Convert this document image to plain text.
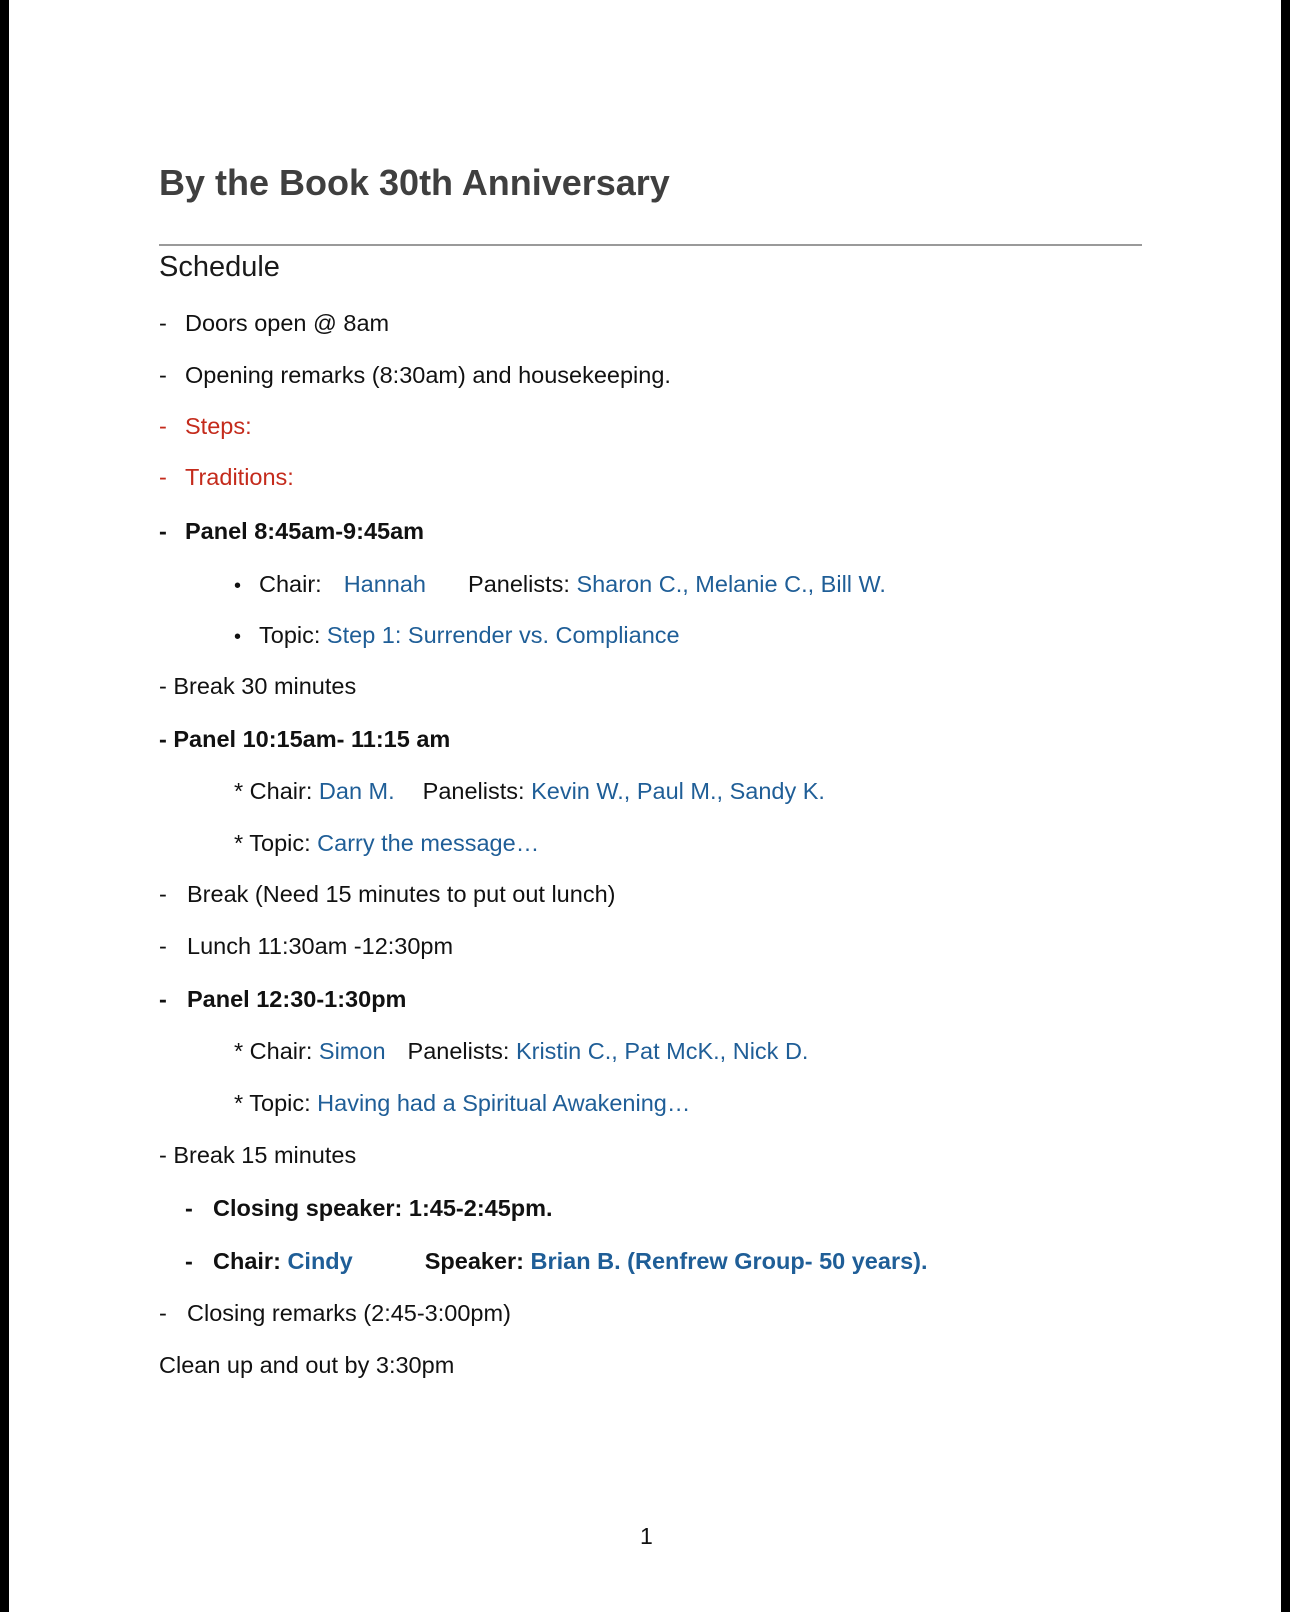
By the Book 30th Anniversary
Schedule
- Doors open @ 8am
- Opening remarks (8:30am) and housekeeping.
- Steps:
- Traditions:
- Panel 8:45am-9:45am
• Chair: Hannah Panelists: Sharon C., Melanie C., Bill W.
• Topic: Step 1: Surrender vs. Compliance
- Break 30 minutes
- Panel 10:15am- 11:15 am
* Chair: Dan M. Panelists: Kevin W., Paul M., Sandy K.
* Topic: Carry the message…
- Break (Need 15 minutes to put out lunch)
- Lunch 11:30am -12:30pm
- Panel 12:30-1:30pm
* Chair: Simon Panelists: Kristin C., Pat McK., Nick D.
* Topic: Having had a Spiritual Awakening…
- Break 15 minutes
- Closing speaker: 1:45-2:45pm.
- Chair: Cindy	Speaker: Brian B. (Renfrew Group- 50 years).
- Closing remarks (2:45-3:00pm)
Clean up and out by 3:30pm
1
